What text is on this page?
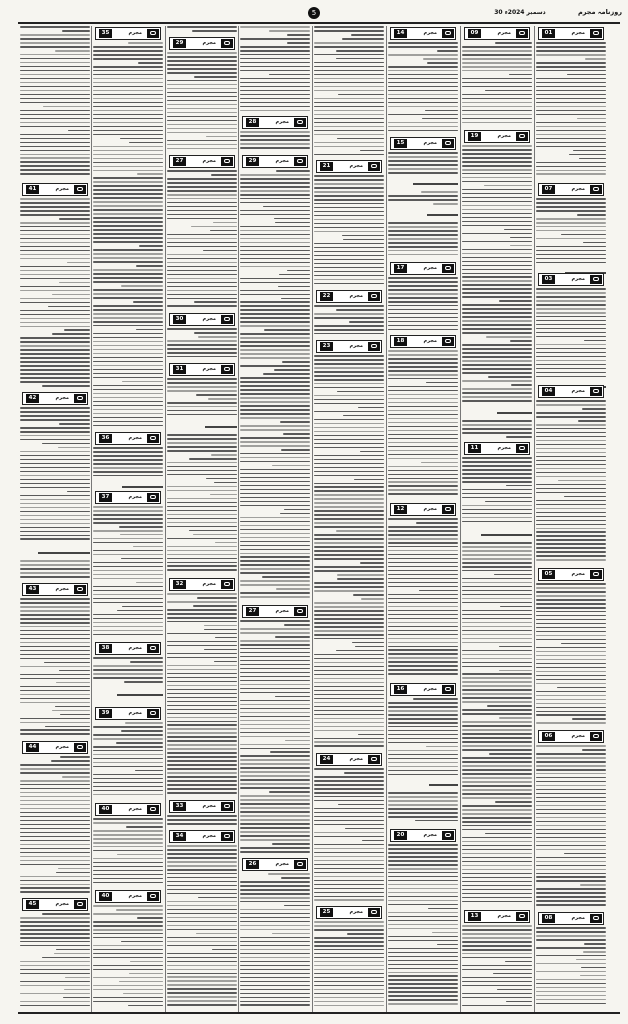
30 دسمبر 2024ء
5	روزنامہ مجرم
01	مجرم
07	مجرم
03	مجرم
04	مجرم
05	مجرم
06	مجرم
08	مجرم
09	مجرم
19	مجرم
11	مجرم
13	مجرم
14	مجرم
15	مجرم
17	مجرم
18	مجرم
12	مجرم
16	مجرم
20	مجرم
21	مجرم
22	مجرم
23	مجرم
24	مجرم
25	مجرم
28	مجرم
29	مجرم
27	مجرم
26	مجرم
29	مجرم
27	مجرم
30	مجرم
31	مجرم
32	مجرم
33	مجرم
34	مجرم
35	مجرم
36	مجرم
37	مجرم
38	مجرم
39	مجرم
40	مجرم
40	مجرم
41	مجرم
42	مجرم
43	مجرم
44	مجرم
45	مجرم
